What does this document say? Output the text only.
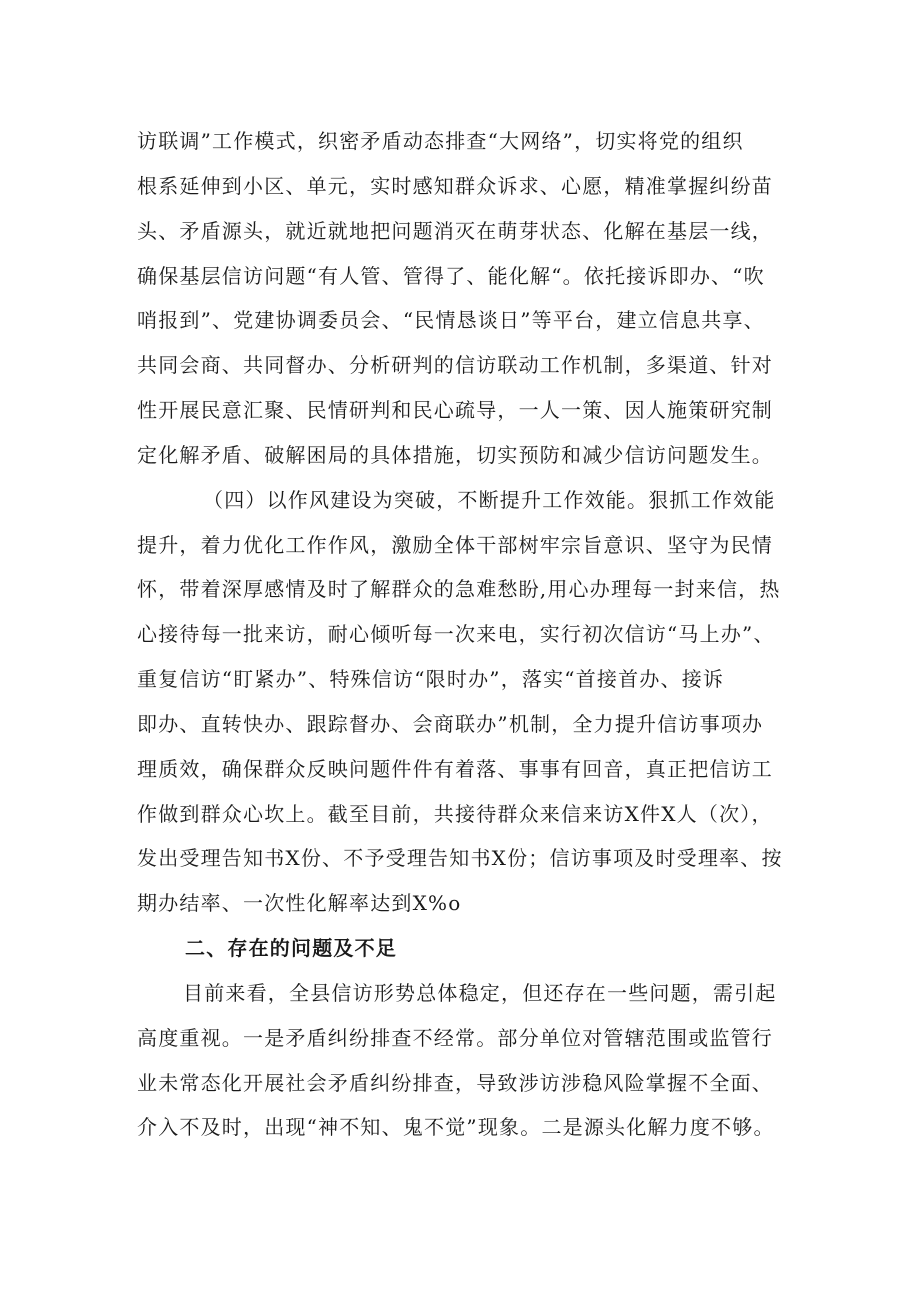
访联调”工作模式，织密矛盾动态排查“大网络”，切实将党的组织
根系延伸到小区、单元，实时感知群众诉求、心愿，精准掌握纠纷苗
头、矛盾源头，就近就地把问题消灭在萌芽状态、化解在基层一线，
确保基层信访问题“有人管、管得了、能化解“。依托接诉即办、“吹
哨报到”、党建协调委员会、“民情恳谈日”等平台，建立信息共享、
共同会商、共同督办、分析研判的信访联动工作机制，多渠道、针对
性开展民意汇聚、民情研判和民心疏导，一人一策、因人施策研究制
定化解矛盾、破解困局的具体措施，切实预防和减少信访问题发生。
（四）以作风建设为突破，不断提升工作效能。狠抓工作效能
提升，着力优化工作作风，激励全体干部树牢宗旨意识、坚守为民情
怀，带着深厚感情及时了解群众的急难愁盼,用心办理每一封来信，热
心接待每一批来访，耐心倾听每一次来电，实行初次信访“马上办”、
重复信访“盯紧办”、特殊信访“限时办”，落实“首接首办、接诉
即办、直转快办、跟踪督办、会商联办”机制，全力提升信访事项办
理质效，确保群众反映问题件件有着落、事事有回音，真正把信访工
作做到群众心坎上。截至目前，共接待群众来信来访X件X人（次），
发出受理告知书X份、不予受理告知书X份；信访事项及时受理率、按
期办结率、一次性化解率达到X%o
二、存在的问题及不足
目前来看，全县信访形势总体稳定，但还存在一些问题，需引起
高度重视。一是矛盾纠纷排查不经常。部分单位对管辖范围或监管行
业未常态化开展社会矛盾纠纷排查，导致涉访涉稳风险掌握不全面、
介入不及时，出现“神不知、鬼不觉”现象。二是源头化解力度不够。
